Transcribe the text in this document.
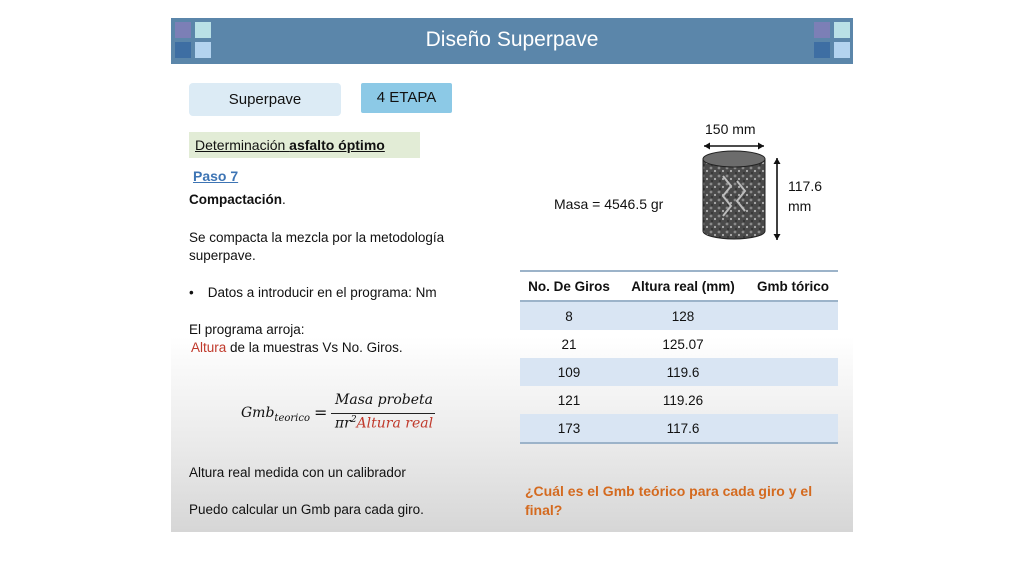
Diseño Superpave
Superpave	4 ETAPA
Determinación asfalto óptimo
Paso 7
Compactación.
Se compacta la mezcla por la metodología
superpave.
• Datos a introducir en el programa: Nm
El programa arroja:
Altura de la muestras Vs No. Giros.
Gmb$_{teorico}$ =
Masa probeta
$\pi r^2Altura$ real
Altura real medida con un calibrador
Puedo calcular un Gmb para cada giro.
Masa = 4546.5 gr
150 mm
117.6
mm
No. De Giros	Altura real (mm)	Gmb tórico
8	128	
21	125.07	
109	119.6	
121	119.26	
173	117.6	
¿Cuál es el Gmb teórico para cada giro y el final?
